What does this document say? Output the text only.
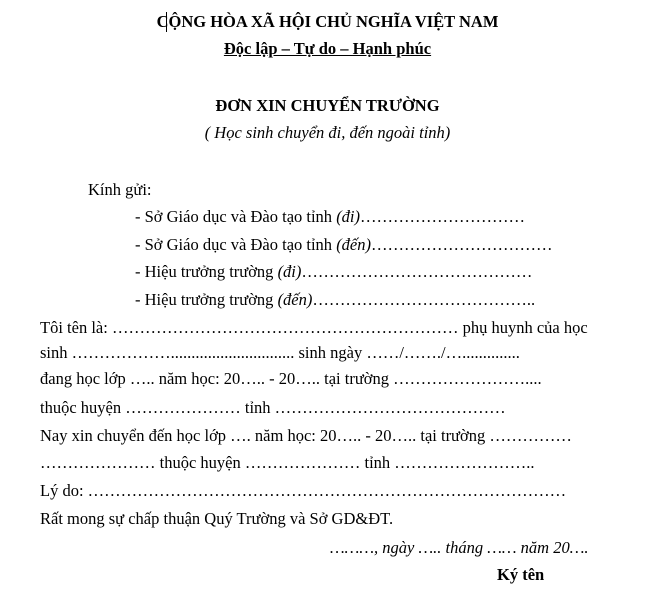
CỘNG HÒA XÃ HỘI CHỦ NGHĨA VIỆT NAM
Độc lập – Tự do – Hạnh phúc
ĐƠN XIN CHUYỂN TRƯỜNG
( Học sinh chuyển đi, đến ngoài tỉnh)
Kính gửi:
- Sở Giáo dục và Đào tạo tỉnh (đi)…………………………
- Sở Giáo dục và Đào tạo tỉnh (đến)……………………………
- Hiệu trưởng trường (đi)……………………………………
- Hiệu trưởng trường (đến)…………………………………..
Tôi tên là: ……………………………………………………… phụ huynh của học
sinh ……………….............................. sinh ngày ……/……./…..............
đang học lớp ….. năm học: 20….. - 20….. tại trường ……………………....
thuộc huyện ………………… tỉnh ……………………………………
Nay xin chuyển đến học lớp …. năm học: 20….. - 20….. tại trường ……………
………………… thuộc huyện ………………… tỉnh ……………………..
Lý do: ……………………………………………………………………………
Rất mong sự chấp thuận Quý Trường và Sở GD&ĐT.
………, ngày ….. tháng …… năm 20….
Ký tên
